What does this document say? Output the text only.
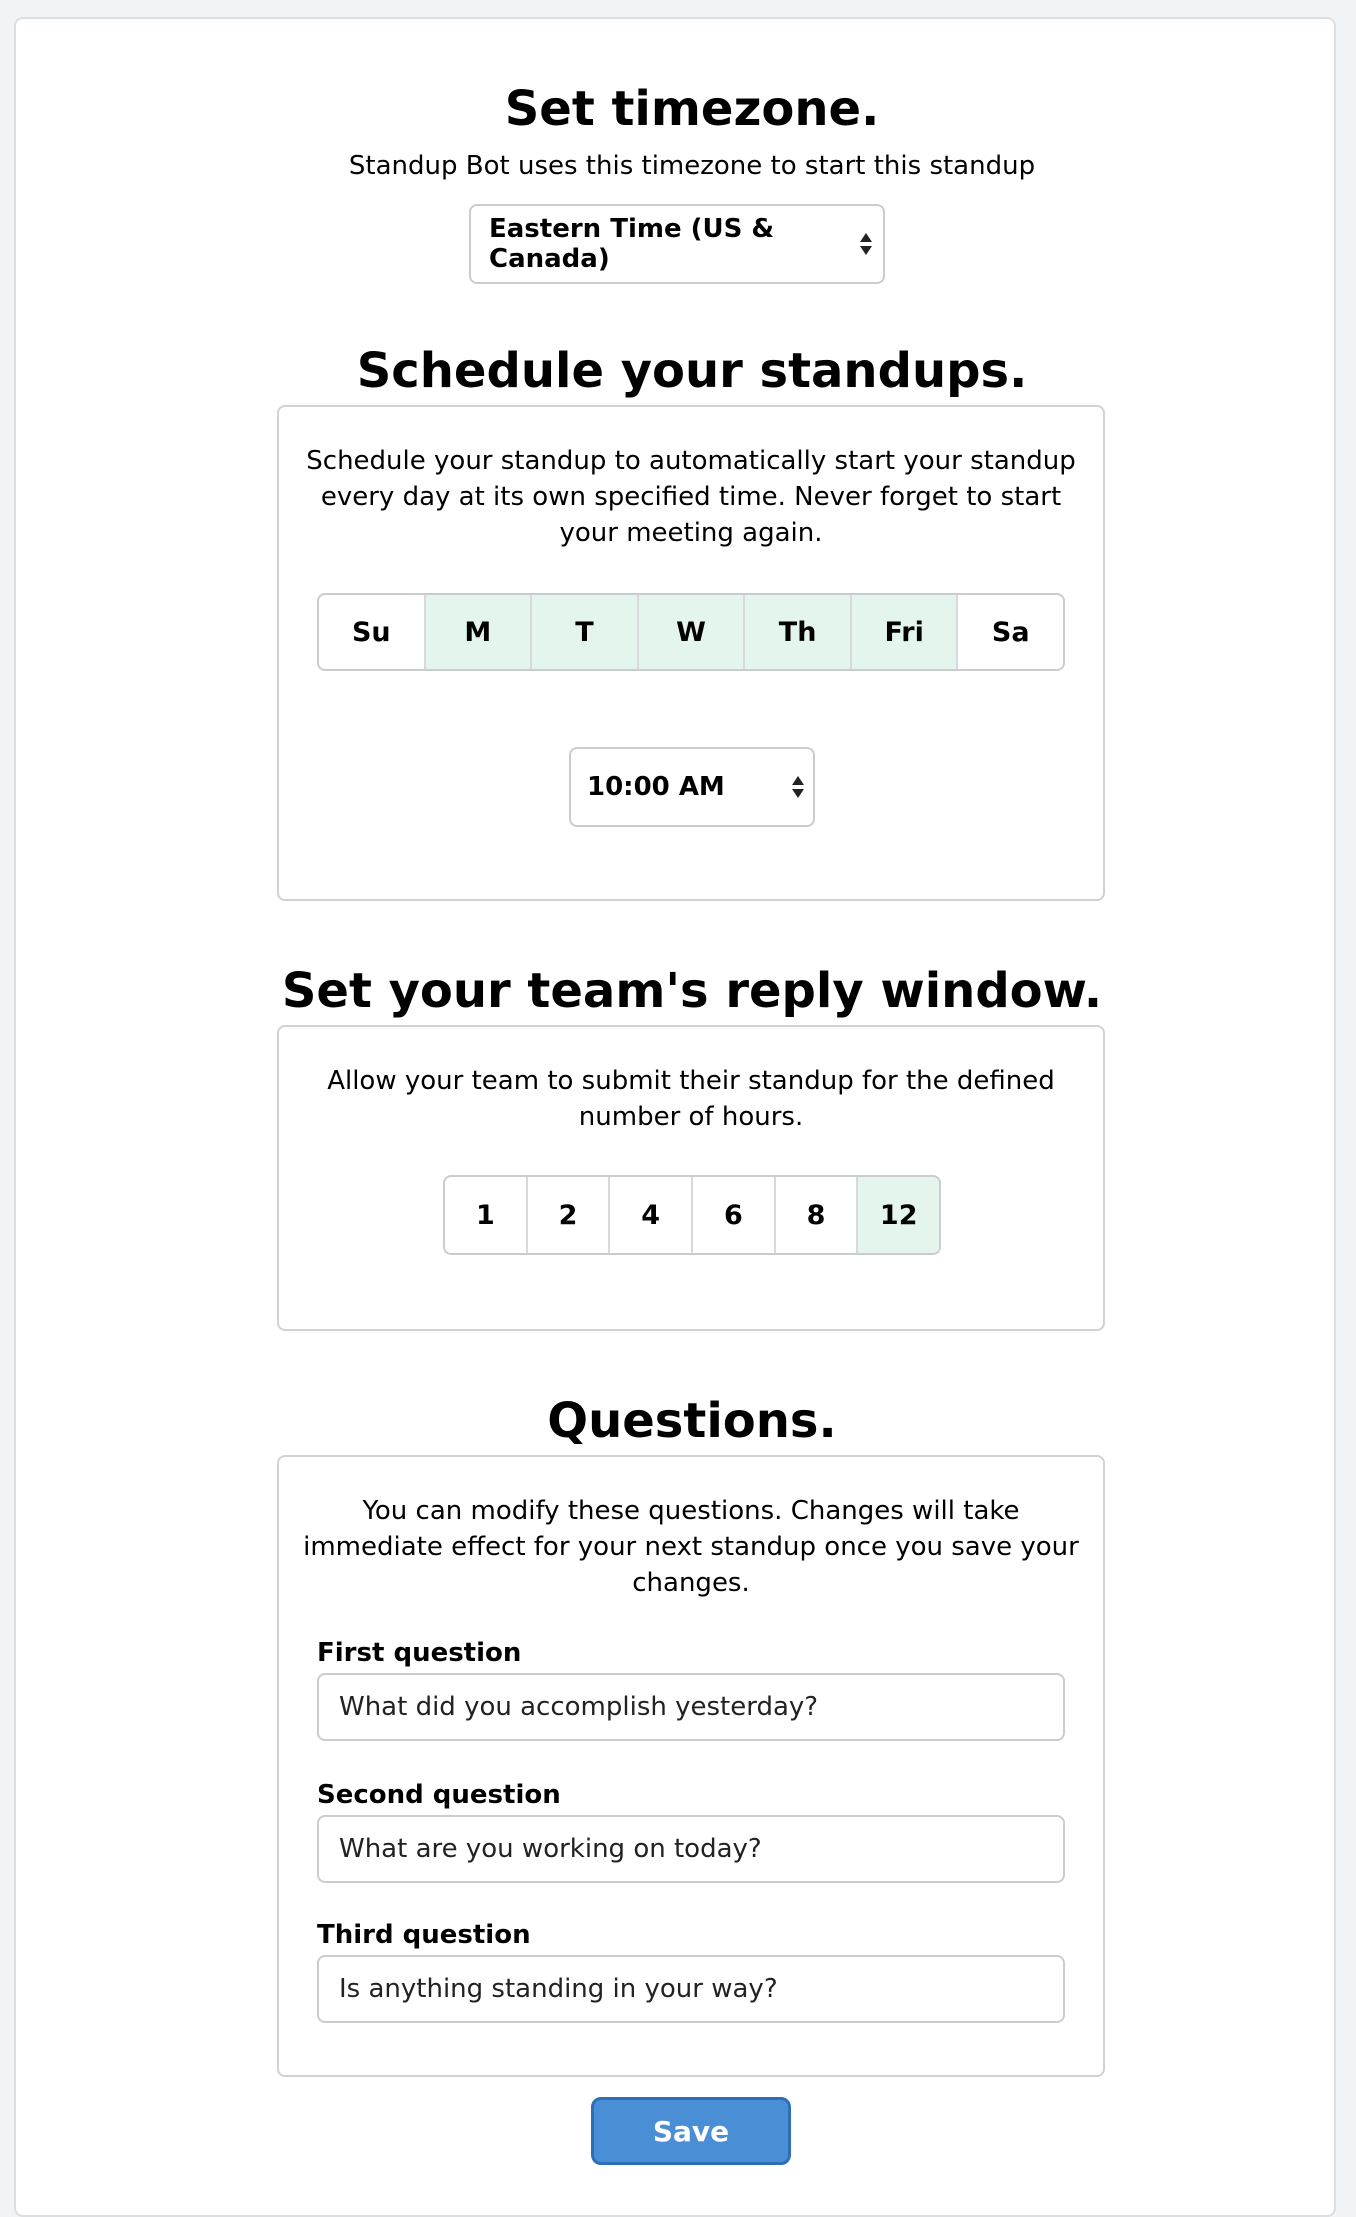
Set timezone.
Standup Bot uses this timezone to start this standup
Eastern Time (US & Canada)
Schedule your standups.
Schedule your standup to automatically start your standup
every day at its own specified time. Never forget to start
your meeting again.
Su	M	T	W	Th	Fri	Sa
10:00 AM
Set your team's reply window.
Allow your team to submit their standup for the defined
number of hours.
1 2 4 6 8 12
Questions.
You can modify these questions. Changes will take
immediate effect for your next standup once you save your
changes.
First question
What did you accomplish yesterday?
Second question
What are you working on today?
Third question
Is anything standing in your way?
Save
